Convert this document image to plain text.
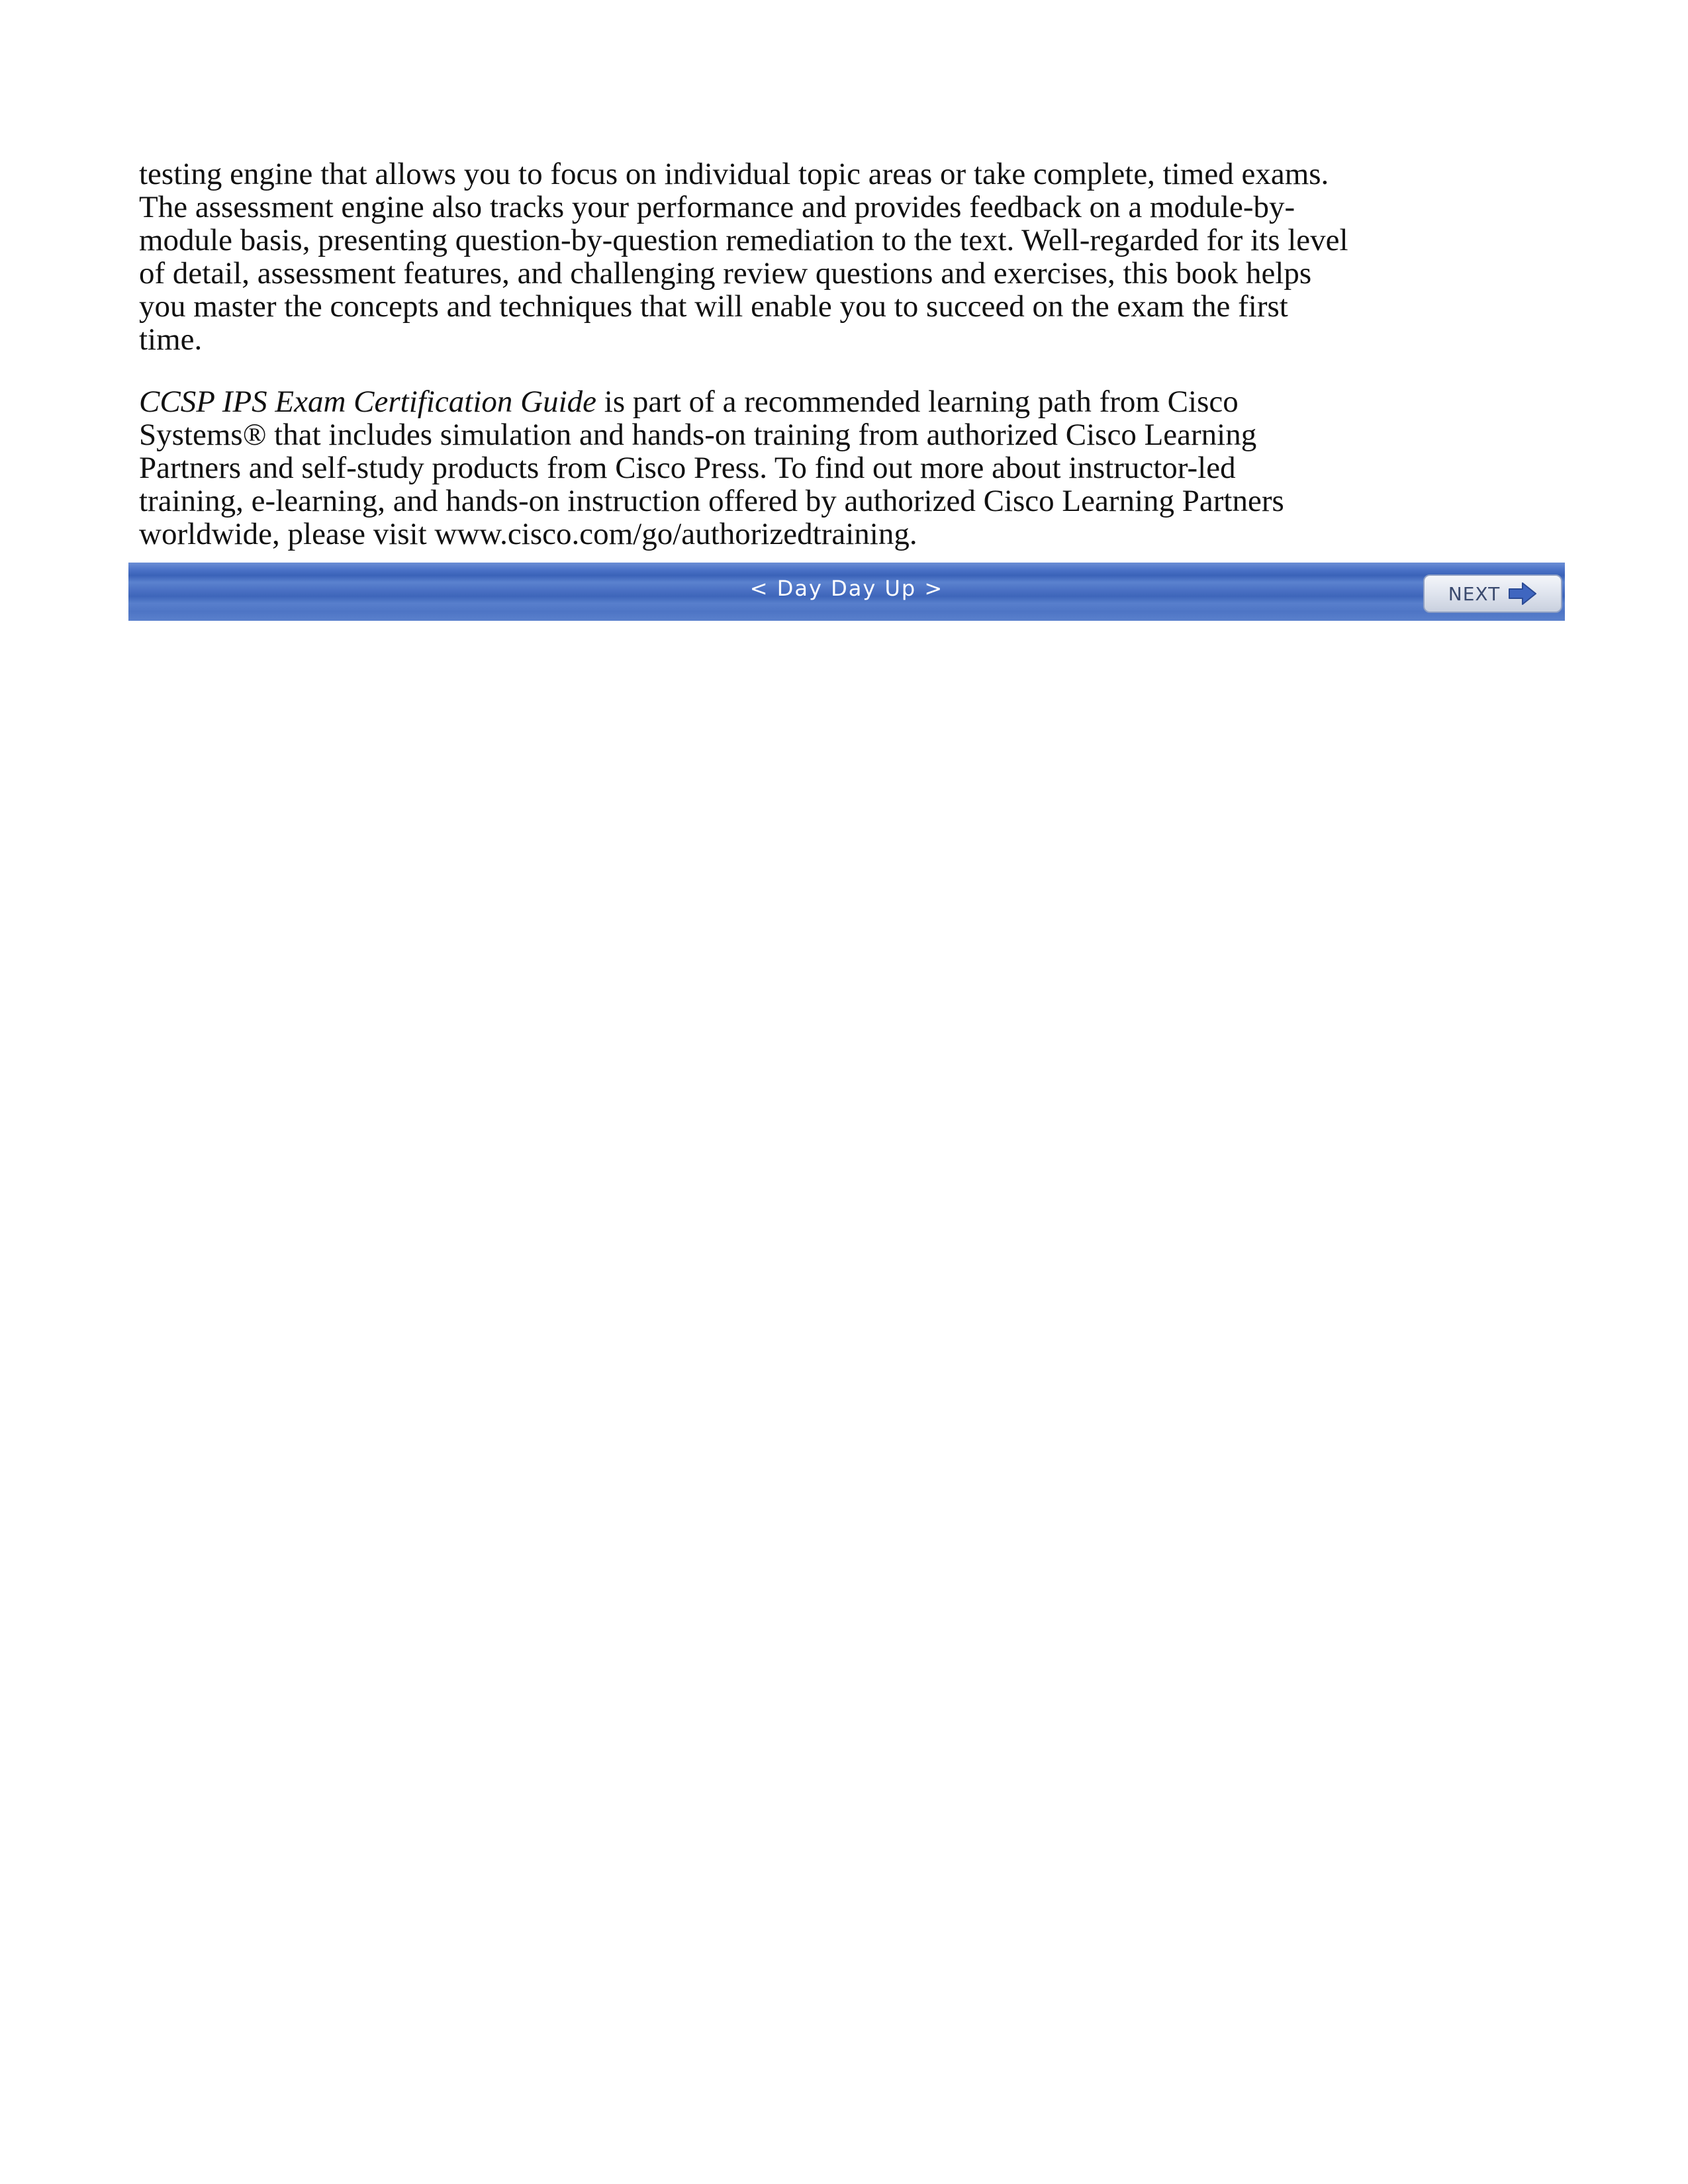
testing engine that allows you to focus on individual topic areas or take complete, timed exams.
The assessment engine also tracks your performance and provides feedback on a module-by-
module basis, presenting question-by-question remediation to the text. Well-regarded for its level
of detail, assessment features, and challenging review questions and exercises, this book helps
you master the concepts and techniques that will enable you to succeed on the exam the first
time.

CCSP IPS Exam Certification Guide is part of a recommended learning path from Cisco
Systems® that includes simulation and hands-on training from authorized Cisco Learning
Partners and self-study products from Cisco Press. To find out more about instructor-led
training, e-learning, and hands-on instruction offered by authorized Cisco Learning Partners
worldwide, please visit www.cisco.com/go/authorizedtraining.

< Day Day Up >	NEXT
